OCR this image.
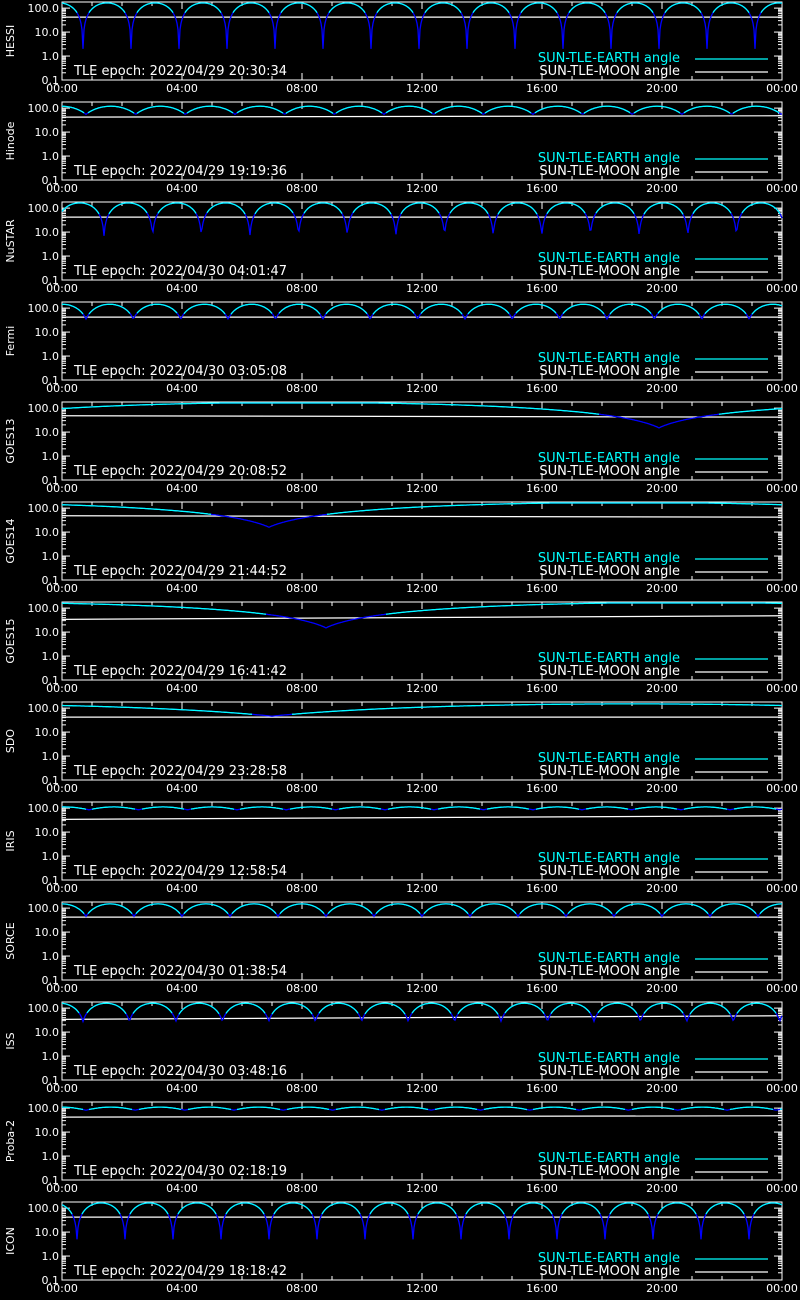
100.0
10.0
1.0
0.1
00:00	04:00	08:00	12:00	16:00	20:00	00:00
HESSI
SUN-TLE-EARTH angle
SUN-TLE-MOON angle
TLE epoch: 2022/04/29 20:30:34
100.0
10.0
1.0
0.1
00:00	04:00	08:00	12:00	16:00	20:00	00:00
Hinode	SUN-TLE-EARTH angle
SUN-TLE-MOON angle
TLE epoch: 2022/04/29 19:19:36
100.0
10.0
1.0
0.1
00:00	04:00	08:00	12:00	16:00	20:00	00:00
NuSTAR	SUN-TLE-EARTH angle
SUN-TLE-MOON angle
TLE epoch: 2022/04/30 04:01:47
100.0
10.0
1.0
0.1
00:00	04:00	08:00	12:00	16:00	20:00	00:00
Fermi
SUN-TLE-EARTH angle
SUN-TLE-MOON angle
TLE epoch: 2022/04/30 03:05:08
100.0
10.0
1.0
0.1
00:00	04:00	08:00	12:00	16:00	20:00	00:00
GOES13	SUN-TLE-EARTH angle
SUN-TLE-MOON angle
TLE epoch: 2022/04/29 20:08:52
100.0
10.0
1.0
0.1
00:00	04:00	08:00	12:00	16:00	20:00	00:00
GOES14	SUN-TLE-EARTH angle
SUN-TLE-MOON angle
TLE epoch: 2022/04/29 21:44:52
100.0
10.0
1.0
0.1
00:00	04:00	08:00	12:00	16:00	20:00	00:00
GOES15	SUN-TLE-EARTH angle
SUN-TLE-MOON angle
TLE epoch: 2022/04/29 16:41:42
100.0
10.0
1.0
0.1
00:00	04:00	08:00	12:00	16:00	20:00	00:00
SDO
SUN-TLE-EARTH angle
SUN-TLE-MOON angle
TLE epoch: 2022/04/29 23:28:58
100.0
10.0
1.0
0.1
00:00	04:00	08:00	12:00	16:00	20:00	00:00
IRIS
SUN-TLE-EARTH angle
SUN-TLE-MOON angle
TLE epoch: 2022/04/29 12:58:54
100.0
10.0
1.0
0.1
00:00	04:00	08:00	12:00	16:00	20:00	00:00
SORCE	SUN-TLE-EARTH angle
SUN-TLE-MOON angle
TLE epoch: 2022/04/30 01:38:54
100.0
10.0
1.0
0.1
00:00	04:00	08:00	12:00	16:00	20:00	00:00
ISS
SUN-TLE-EARTH angle
SUN-TLE-MOON angle
TLE epoch: 2022/04/30 03:48:16
100.0
10.0
1.0
0.1
00:00	04:00	08:00	12:00	16:00	20:00	00:00
Proba-2	SUN-TLE-EARTH angle
SUN-TLE-MOON angle
TLE epoch: 2022/04/30 02:18:19
100.0
10.0
1.0
0.1
00:00	04:00	08:00	12:00	16:00	20:00	00:00
ICON
SUN-TLE-EARTH angle
SUN-TLE-MOON angle
TLE epoch: 2022/04/29 18:18:42
